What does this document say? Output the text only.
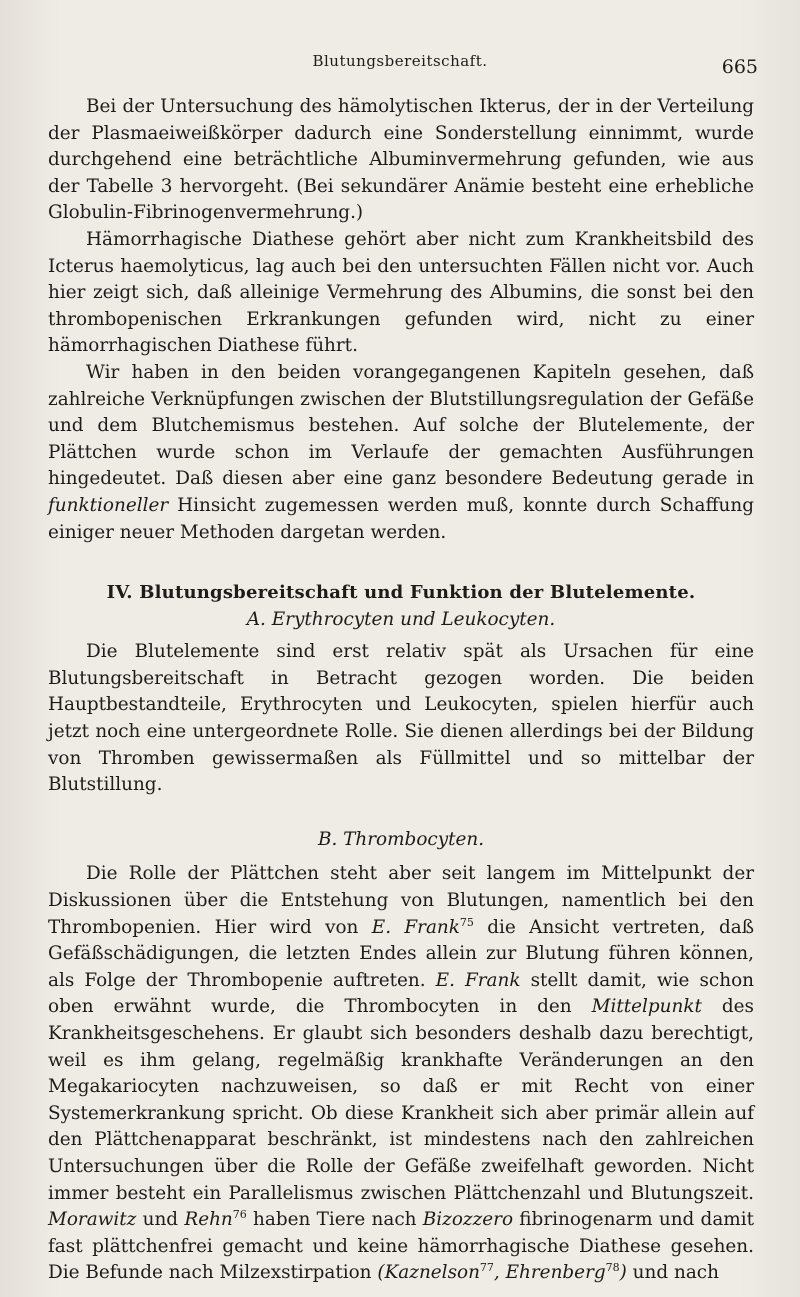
Blutungsbereitschaft.	665

Bei der Untersuchung des hämolytischen Ikterus, der in der Verteilung der Plasmaeiweißkörper dadurch eine Sonderstellung einnimmt, wurde durchgehend eine beträchtliche Albuminvermehrung gefunden, wie aus der Tabelle 3 hervorgeht. (Bei sekundärer Anämie besteht eine erhebliche Globulin-Fibrinogenvermehrung.)

Hämorrhagische Diathese gehört aber nicht zum Krankheitsbild des Icterus haemolyticus, lag auch bei den untersuchten Fällen nicht vor. Auch hier zeigt sich, daß alleinige Vermehrung des Albumins, die sonst bei den thrombopenischen Erkrankungen gefunden wird, nicht zu einer hämorrhagischen Diathese führt.

Wir haben in den beiden vorangegangenen Kapiteln gesehen, daß zahlreiche Verknüpfungen zwischen der Blutstillungsregulation der Gefäße und dem Blutchemismus bestehen. Auf solche der Blutelemente, der Plättchen wurde schon im Verlaufe der gemachten Ausführungen hingedeutet. Daß diesen aber eine ganz besondere Bedeutung gerade in funktioneller Hinsicht zugemessen werden muß, konnte durch Schaffung einiger neuer Methoden dargetan werden.

IV. Blutungsbereitschaft und Funktion der Blutelemente.

A. Erythrocyten und Leukocyten.

Die Blutelemente sind erst relativ spät als Ursachen für eine Blutungsbereitschaft in Betracht gezogen worden. Die beiden Hauptbestandteile, Erythrocyten und Leukocyten, spielen hierfür auch jetzt noch eine untergeordnete Rolle. Sie dienen allerdings bei der Bildung von Thromben gewissermaßen als Füllmittel und so mittelbar der Blutstillung.

B. Thrombocyten.

Die Rolle der Plättchen steht aber seit langem im Mittelpunkt der Diskussionen über die Entstehung von Blutungen, namentlich bei den Thrombopenien. Hier wird von E. Frank$^{75}$ die Ansicht vertreten, daß Gefäßschädigungen, die letzten Endes allein zur Blutung führen können, als Folge der Thrombopenie auftreten. E. Frank stellt damit, wie schon oben erwähnt wurde, die Thrombocyten in den Mittelpunkt des Krankheitsgeschehens. Er glaubt sich besonders deshalb dazu berechtigt, weil es ihm gelang, regelmäßig krankhafte Veränderungen an den Megakariocyten nachzuweisen, so daß er mit Recht von einer Systemerkrankung spricht. Ob diese Krankheit sich aber primär allein auf den Plättchenapparat beschränkt, ist mindestens nach den zahlreichen Untersuchungen über die Rolle der Gefäße zweifelhaft geworden. Nicht immer besteht ein Parallelismus zwischen Plättchenzahl und Blutungszeit. Morawitz und Rehn$^{76}$ haben Tiere nach Bizozzero fibrinogenarm und damit fast plättchenfrei gemacht und keine hämorrhagische Diathese gesehen. Die Befunde nach Milzexstirpation (Kaznelson$^{77}$, Ehrenberg$^{78}$) und nach
